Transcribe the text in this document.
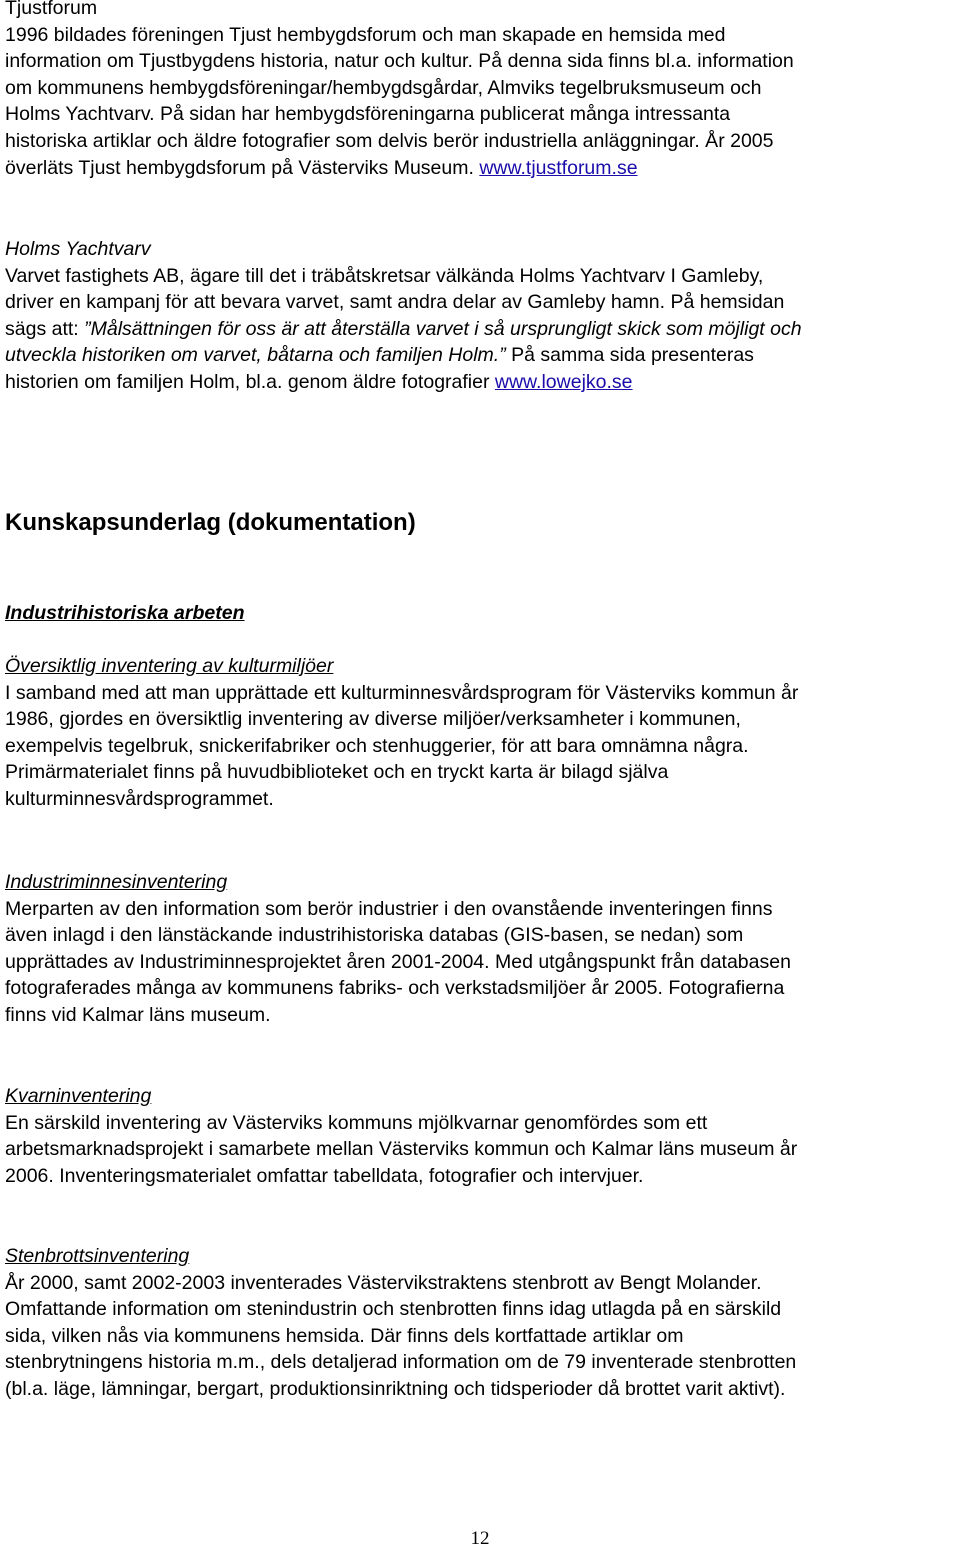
Tjustforum

1996 bildades föreningen Tjust hembygdsforum och man skapade en hemsida med

information om Tjustbygdens historia, natur och kultur. På denna sida finns bl.a. information

om kommunens hembygdsföreningar/hembygdsgårdar, Almviks tegelbruksmuseum och

Holms Yachtvarv. På sidan har hembygdsföreningarna publicerat många intressanta

historiska artiklar och äldre fotografier som delvis berör industriella anläggningar. År 2005

överläts Tjust hembygdsforum på Västerviks Museum. www.tjustforum.se

Holms Yachtvarv

Varvet fastighets AB, ägare till det i träbåtskretsar välkända Holms Yachtvarv I Gamleby,

driver en kampanj för att bevara varvet, samt andra delar av Gamleby hamn. På hemsidan

sägs att: ”Målsättningen för oss är att återställa varvet i så ursprungligt skick som möjligt och

utveckla historiken om varvet, båtarna och familjen Holm.” På samma sida presenteras

historien om familjen Holm, bl.a. genom äldre fotografier www.lowejko.se

Kunskapsunderlag (dokumentation)

Industrihistoriska arbeten

Översiktlig inventering av kulturmiljöer

I samband med att man upprättade ett kulturminnesvårdsprogram för Västerviks kommun år

1986, gjordes en översiktlig inventering av diverse miljöer/verksamheter i kommunen,

exempelvis tegelbruk, snickerifabriker och stenhuggerier, för att bara omnämna några.

Primärmaterialet finns på huvudbiblioteket och en tryckt karta är bilagd själva

kulturminnesvårdsprogrammet.

Industriminnesinventering

Merparten av den information som berör industrier i den ovanstående inventeringen finns

även inlagd i den länstäckande industrihistoriska databas (GIS-basen, se nedan) som

upprättades av Industriminnesprojektet åren 2001-2004. Med utgångspunkt från databasen

fotograferades många av kommunens fabriks- och verkstadsmiljöer år 2005. Fotografierna

finns vid Kalmar läns museum.

Kvarninventering

En särskild inventering av Västerviks kommuns mjölkvarnar genomfördes som ett

arbetsmarknadsprojekt i samarbete mellan Västerviks kommun och Kalmar läns museum år

2006. Inventeringsmaterialet omfattar tabelldata, fotografier och intervjuer.

Stenbrottsinventering

År 2000, samt 2002-2003 inventerades Västervikstraktens stenbrott av Bengt Molander.

Omfattande information om stenindustrin och stenbrotten finns idag utlagda på en särskild

sida, vilken nås via kommunens hemsida. Där finns dels kortfattade artiklar om

stenbrytningens historia m.m., dels detaljerad information om de 79 inventerade stenbrotten

(bl.a. läge, lämningar, bergart, produktionsinriktning och tidsperioder då brottet varit aktivt).

12
